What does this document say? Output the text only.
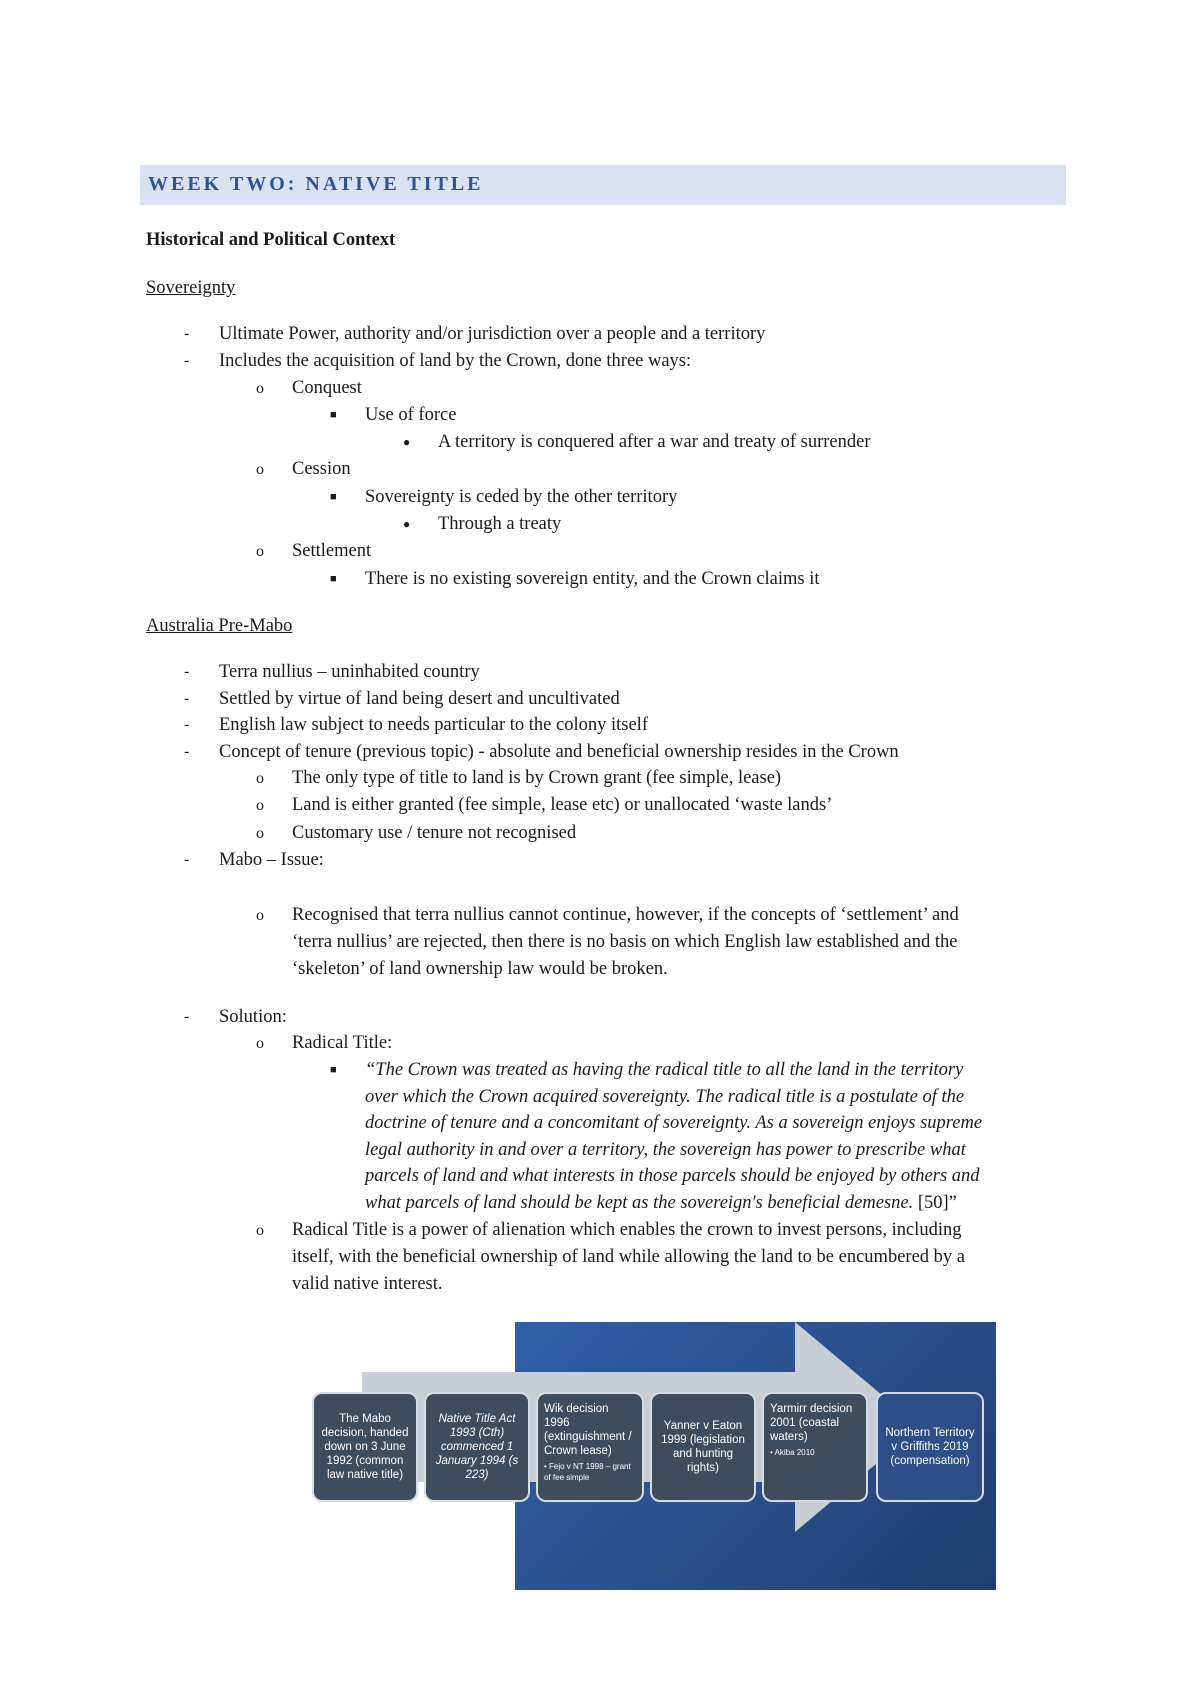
WEEK TWO: NATIVE TITLE
Historical and Political Context
Sovereignty
- Ultimate Power, authority and/or jurisdiction over a people and a territory
- Includes the acquisition of land by the Crown, done three ways:
o Conquest
■ Use of force
● A territory is conquered after a war and treaty of surrender
o Cession
■ Sovereignty is ceded by the other territory
● Through a treaty
o Settlement
■ There is no existing sovereign entity, and the Crown claims it
Australia Pre-Mabo
- Terra nullius – uninhabited country
- Settled by virtue of land being desert and uncultivated
- English law subject to needs particular to the colony itself
- Concept of tenure (previous topic) - absolute and beneficial ownership resides in the Crown
o The only type of title to land is by Crown grant (fee simple, lease)
o Land is either granted (fee simple, lease etc) or unallocated ‘waste lands’
o Customary use / tenure not recognised
- Mabo – Issue:
o Recognised that terra nullius cannot continue, however, if the concepts of ‘settlement’ and
‘terra nullius’ are rejected, then there is no basis on which English law established and the
‘skeleton’ of land ownership law would be broken.
- Solution:
o Radical Title:
■ “The Crown was treated as having the radical title to all the land in the territory
over which the Crown acquired sovereignty. The radical title is a postulate of the
doctrine of tenure and a concomitant of sovereignty. As a sovereign enjoys supreme
legal authority in and over a territory, the sovereign has power to prescribe what
parcels of land and what interests in those parcels should be enjoyed by others and
what parcels of land should be kept as the sovereign's beneficial demesne. [50]”
o Radical Title is a power of alienation which enables the crown to invest persons, including
itself, with the beneficial ownership of land while allowing the land to be encumbered by a
valid native interest.
The Mabo decision, handed down on 3 June 1992 (common law native title)
Native Title Act 1993 (Cth) commenced 1 January 1994 (s 223)
Wik decision 1996 (extinguishment / Crown lease)
• Fejo v NT 1998 – grant of fee simple
Yanner v Eaton 1999 (legislation and hunting rights)
Yarmirr decision 2001 (coastal waters)
• Akiba 2010
Northern Territory v Griffiths 2019 (compensation)
